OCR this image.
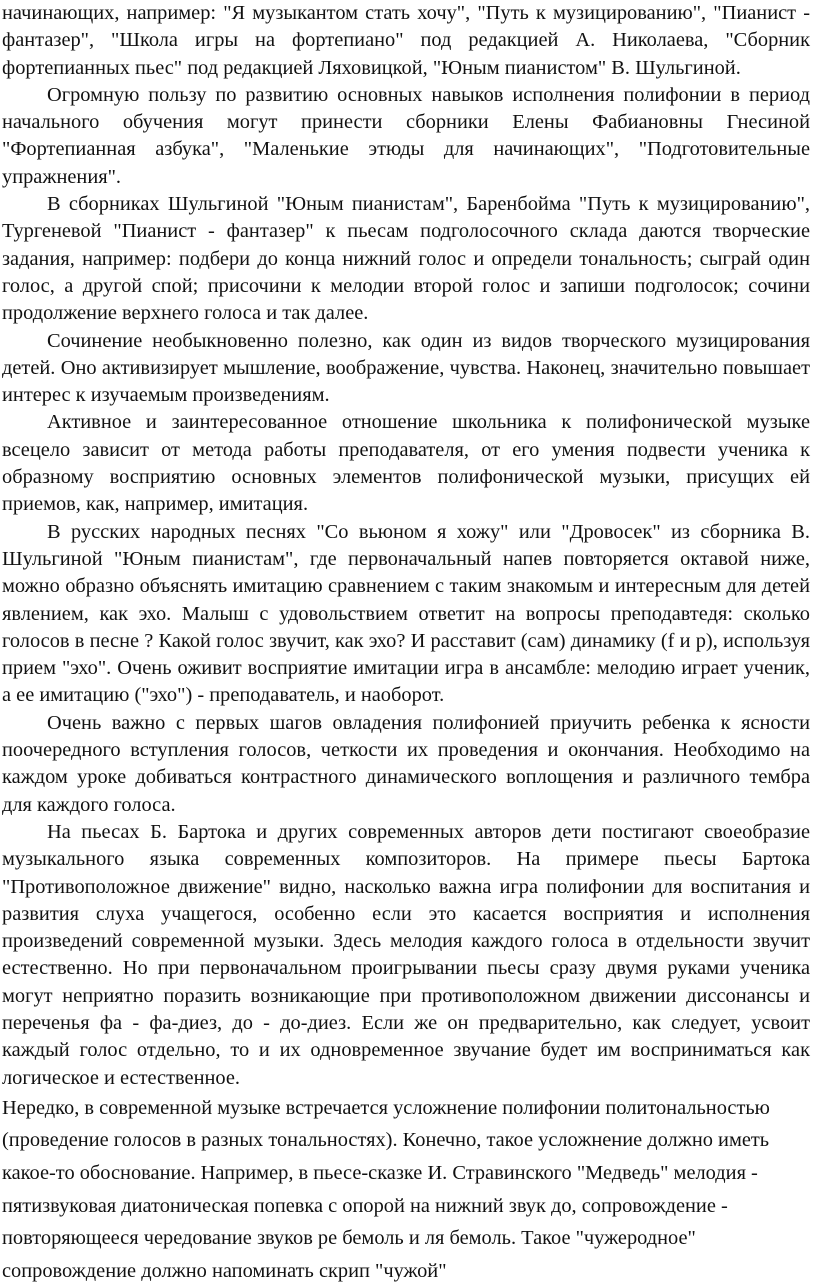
начинающих, например: "Я музыкантом стать хочу", "Путь к музицированию", "Пианист - фантазер", "Школа игры на фортепиано" под редакцией А. Николаева, "Сборник фортепианных пьес" под редакцией Ляховицкой, "Юным пианистом" В. Шульгиной.

Огромную пользу по развитию основных навыков исполнения полифонии в период начального обучения могут принести сборники Елены Фабиановны Гнесиной "Фортепианная азбука", "Маленькие этюды для начинающих", "Подготовительные упражнения".

В сборниках Шульгиной "Юным пианистам", Баренбойма "Путь к музицированию", Тургеневой "Пианист - фантазер" к пьесам подголосочного склада даются творческие задания, например: подбери до конца нижний голос и определи тональность; сыграй один голос, а другой спой; присочини к мелодии второй голос и запиши подголосок; сочини продолжение верхнего голоса и так далее.

Сочинение необыкновенно полезно, как один из видов творческого музицирования детей. Оно активизирует мышление, воображение, чувства. Наконец, значительно повышает интерес к изучаемым произведениям.

Активное и заинтересованное отношение школьника к полифонической музыке всецело зависит от метода работы преподавателя, от его умения подвести ученика к образному восприятию основных элементов полифонической музыки, присущих ей приемов, как, например, имитация.

В русских народных песнях "Со вьюном я хожу" или "Дровосек" из сборника В. Шульгиной "Юным пианистам", где первоначальный напев повторяется октавой ниже, можно образно объяснять имитацию сравнением с таким знакомым и интересным для детей явлением, как эхо. Малыш с удовольствием ответит на вопросы преподавтедя: сколько голосов в песне ? Какой голос звучит, как эхо? И расставит (сам) динамику (f и p), используя прием "эхо". Очень оживит восприятие имитации игра в ансамбле: мелодию играет ученик, а ее имитацию ("эхо") - преподаватель, и наоборот.

Очень важно с первых шагов овладения полифонией приучить ребенка к ясности поочередного вступления голосов, четкости их проведения и окончания. Необходимо на каждом уроке добиваться контрастного динамического воплощения и различного тембра для каждого голоса.

На пьесах Б. Бартока и других современных авторов дети постигают своеобразие музыкального языка современных композиторов. На примере пьесы Бартока "Противоположное движение" видно, насколько важна игра полифонии для воспитания и развития слуха учащегося, особенно если это касается восприятия и исполнения произведений современной музыки. Здесь мелодия каждого голоса в отдельности звучит естественно. Но при первоначальном проигрывании пьесы сразу двумя руками ученика могут неприятно поразить возникающие при противоположном движении диссонансы и переченья фа - фа-диез, до - до-диез. Если же он предварительно, как следует, усвоит каждый голос отдельно, то и их одновременное звучание будет им восприниматься как логическое и естественное.

Нередко, в современной музыке встречается усложнение полифонии политональностью (проведение голосов в разных тональностях). Конечно, такое усложнение должно иметь какое-то обоснование. Например, в пьесе-сказке И. Стравинского "Медведь" мелодия - пятизвуковая диатоническая попевка с опорой на нижний звук до, сопровождение - повторяющееся чередование звуков ре бемоль и ля бемоль. Такое "чужеродное" сопровождение должно напоминать скрип "чужой"
